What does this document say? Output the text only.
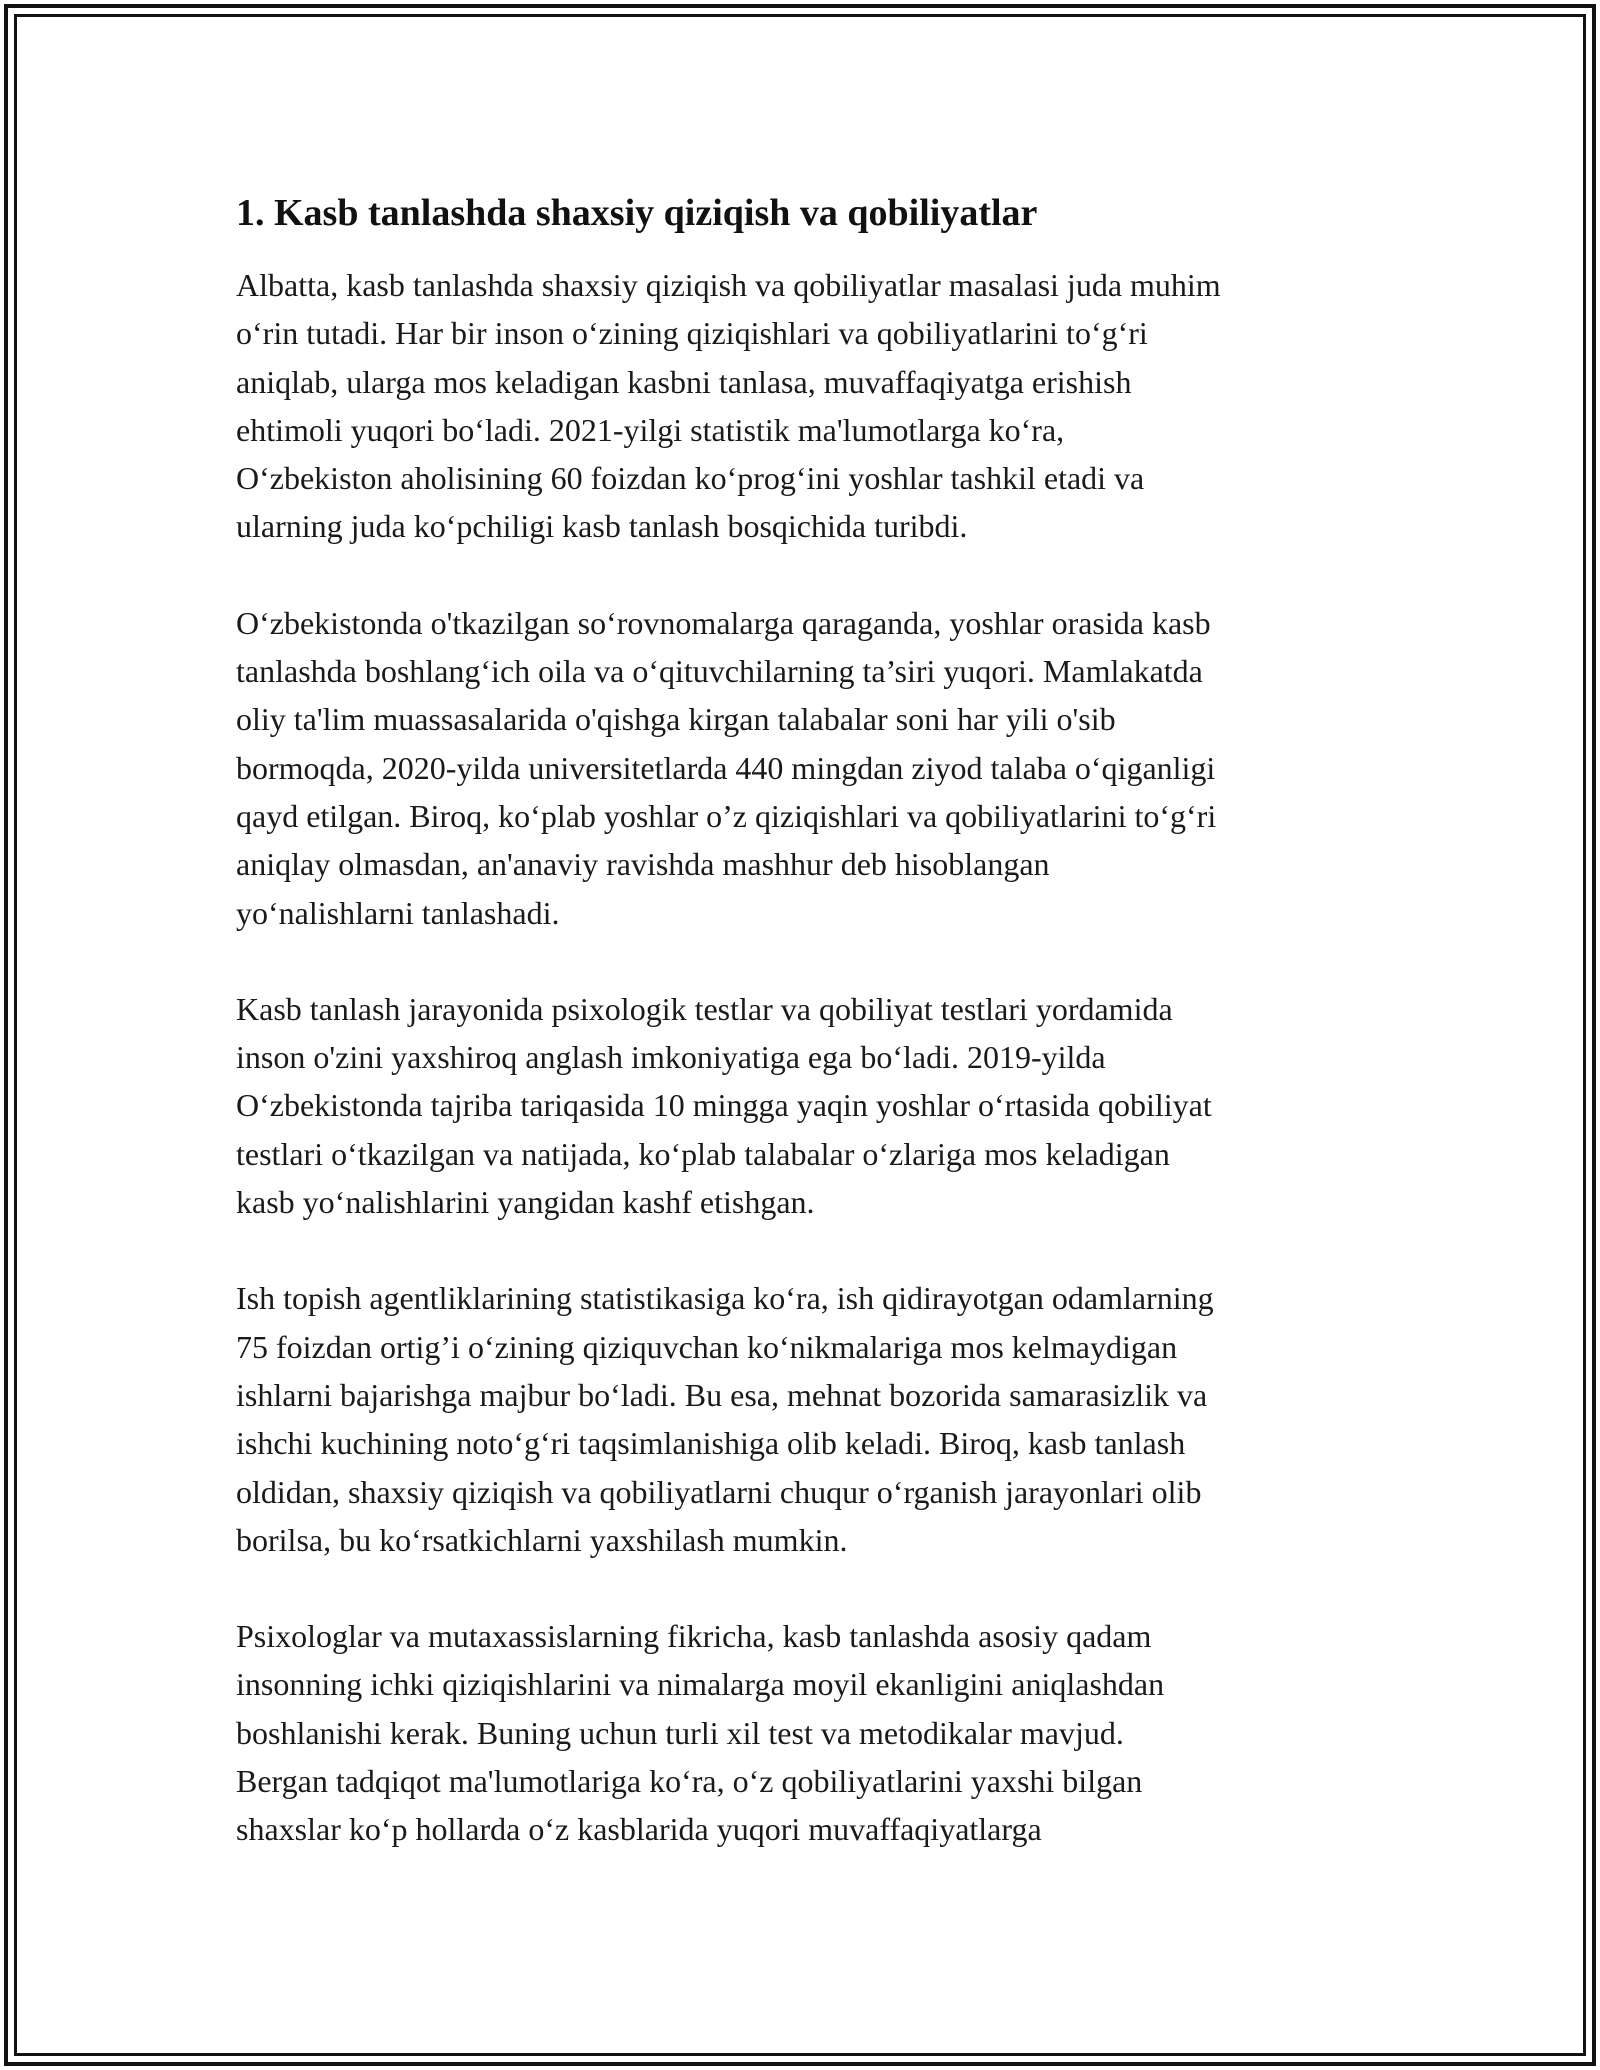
1. Kasb tanlashda shaxsiy qiziqish va qobiliyatlar

Albatta, kasb tanlashda shaxsiy qiziqish va qobiliyatlar masalasi juda muhim
o‘rin tutadi. Har bir inson o‘zining qiziqishlari va qobiliyatlarini to‘g‘ri
aniqlab, ularga mos keladigan kasbni tanlasa, muvaffaqiyatga erishish
ehtimoli yuqori bo‘ladi. 2021-yilgi statistik ma'lumotlarga ko‘ra,
O‘zbekiston aholisining 60 foizdan ko‘prog‘ini yoshlar tashkil etadi va
ularning juda ko‘pchiligi kasb tanlash bosqichida turibdi.

O‘zbekistonda o'tkazilgan so‘rovnomalarga qaraganda, yoshlar orasida kasb
tanlashda boshlang‘ich oila va o‘qituvchilarning ta’siri yuqori. Mamlakatda
oliy ta'lim muassasalarida o'qishga kirgan talabalar soni har yili o'sib
bormoqda, 2020-yilda universitetlarda 440 mingdan ziyod talaba o‘qiganligi
qayd etilgan. Biroq, ko‘plab yoshlar o’z qiziqishlari va qobiliyatlarini to‘g‘ri
aniqlay olmasdan, an'anaviy ravishda mashhur deb hisoblangan
yo‘nalishlarni tanlashadi.

Kasb tanlash jarayonida psixologik testlar va qobiliyat testlari yordamida
inson o'zini yaxshiroq anglash imkoniyatiga ega bo‘ladi. 2019-yilda
O‘zbekistonda tajriba tariqasida 10 mingga yaqin yoshlar o‘rtasida qobiliyat
testlari o‘tkazilgan va natijada, ko‘plab talabalar o‘zlariga mos keladigan
kasb yo‘nalishlarini yangidan kashf etishgan.

Ish topish agentliklarining statistikasiga ko‘ra, ish qidirayotgan odamlarning
75 foizdan ortig’i o‘zining qiziquvchan ko‘nikmalariga mos kelmaydigan
ishlarni bajarishga majbur bo‘ladi. Bu esa, mehnat bozorida samarasizlik va
ishchi kuchining noto‘g‘ri taqsimlanishiga olib keladi. Biroq, kasb tanlash
oldidan, shaxsiy qiziqish va qobiliyatlarni chuqur o‘rganish jarayonlari olib
borilsa, bu ko‘rsatkichlarni yaxshilash mumkin.

Psixologlar va mutaxassislarning fikricha, kasb tanlashda asosiy qadam
insonning ichki qiziqishlarini va nimalarga moyil ekanligini aniqlashdan
boshlanishi kerak. Buning uchun turli xil test va metodikalar mavjud.
Bergan tadqiqot ma'lumotlariga ko‘ra, o‘z qobiliyatlarini yaxshi bilgan
shaxslar ko‘p hollarda o‘z kasblarida yuqori muvaffaqiyatlarga
